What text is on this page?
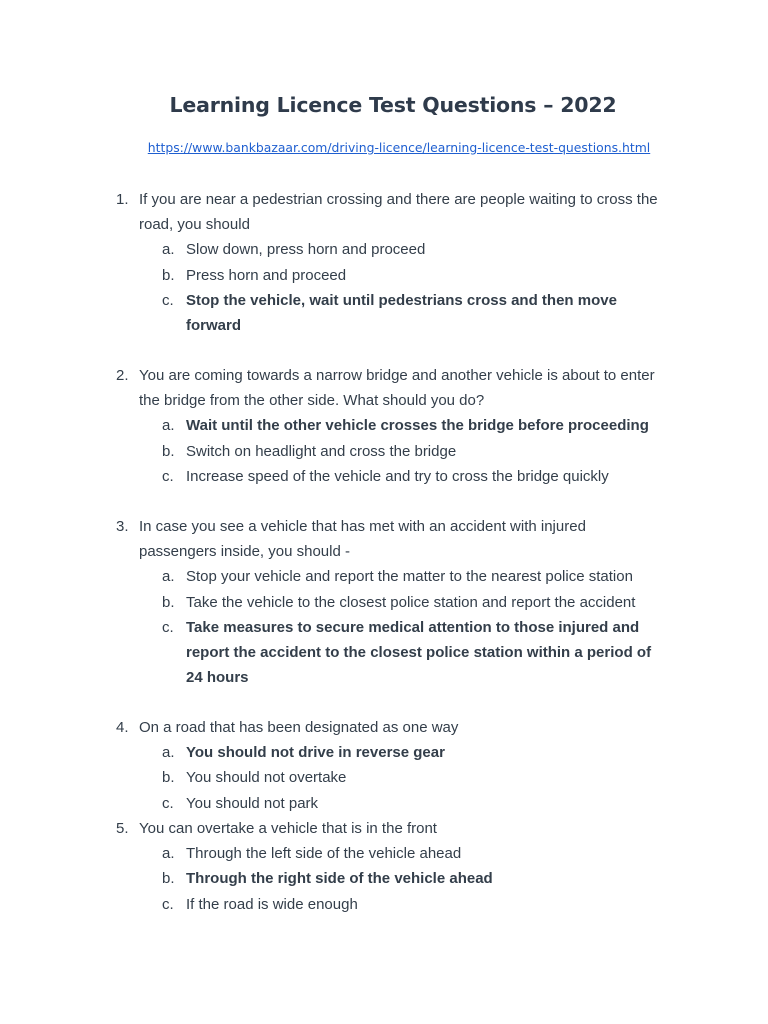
Learning Licence Test Questions – 2022
https://www.bankbazaar.com/driving-licence/learning-licence-test-questions.html
1. If you are near a pedestrian crossing and there are people waiting to cross the
road, you should
a. Slow down, press horn and proceed
b. Press horn and proceed
c. Stop the vehicle, wait until pedestrians cross and then move
forward
2. You are coming towards a narrow bridge and another vehicle is about to enter
the bridge from the other side. What should you do?
a. Wait until the other vehicle crosses the bridge before proceeding
b. Switch on headlight and cross the bridge
c. Increase speed of the vehicle and try to cross the bridge quickly
3. In case you see a vehicle that has met with an accident with injured
passengers inside, you should -
a. Stop your vehicle and report the matter to the nearest police station
b. Take the vehicle to the closest police station and report the accident
c. Take measures to secure medical attention to those injured and
report the accident to the closest police station within a period of
24 hours
4. On a road that has been designated as one way
a. You should not drive in reverse gear
b. You should not overtake
c. You should not park
5. You can overtake a vehicle that is in the front
a. Through the left side of the vehicle ahead
b. Through the right side of the vehicle ahead
c. If the road is wide enough
